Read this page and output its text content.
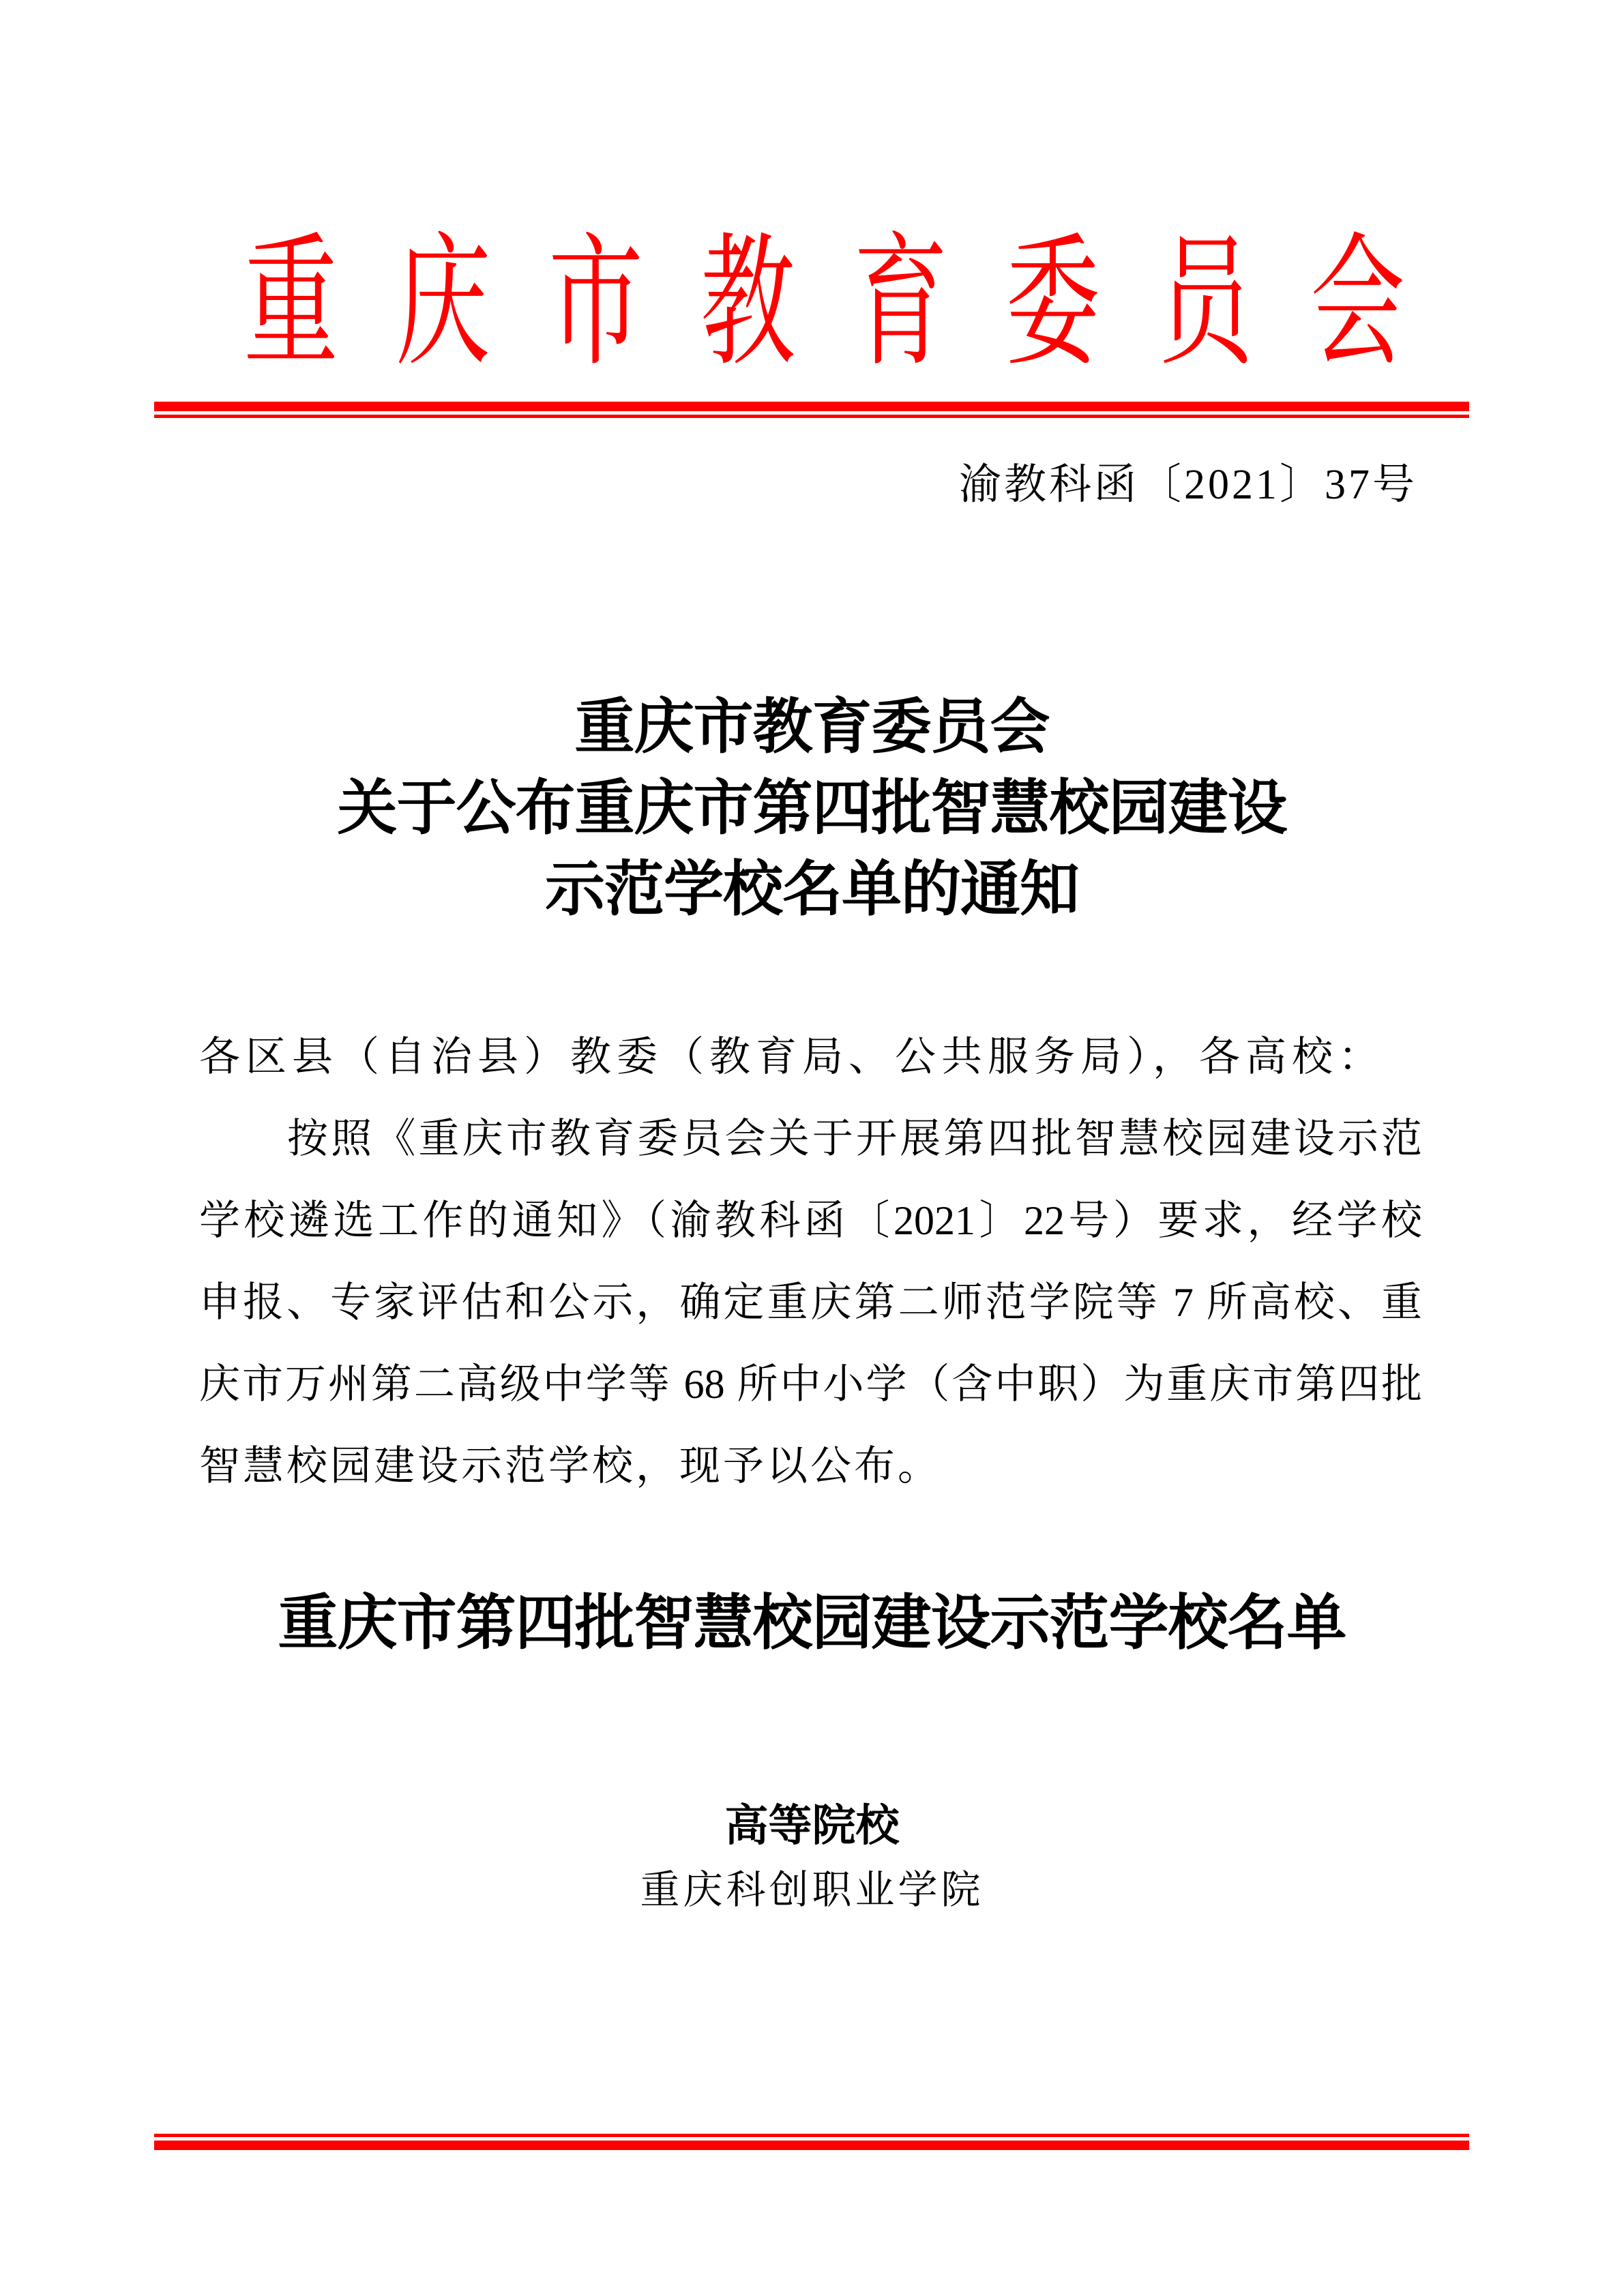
重 庆 市 教 育 委 员 会
渝教科函〔2021〕37号
重庆市教育委员会
关于公布重庆市第四批智慧校园建设
示范学校名单的通知
各区县（自治县）教委（教育局、公共服务局），各高校：
按照《重庆市教育委员会关于开展第四批智慧校园建设示范
学校遴选工作的通知》（渝教科函〔2021〕22号）要求，经学校
申报、专家评估和公示，确定重庆第二师范学院等 7 所高校、重
庆市万州第二高级中学等 68 所中小学（含中职）为重庆市第四批
智慧校园建设示范学校，现予以公布。
重庆市第四批智慧校园建设示范学校名单
高等院校
重庆科创职业学院
